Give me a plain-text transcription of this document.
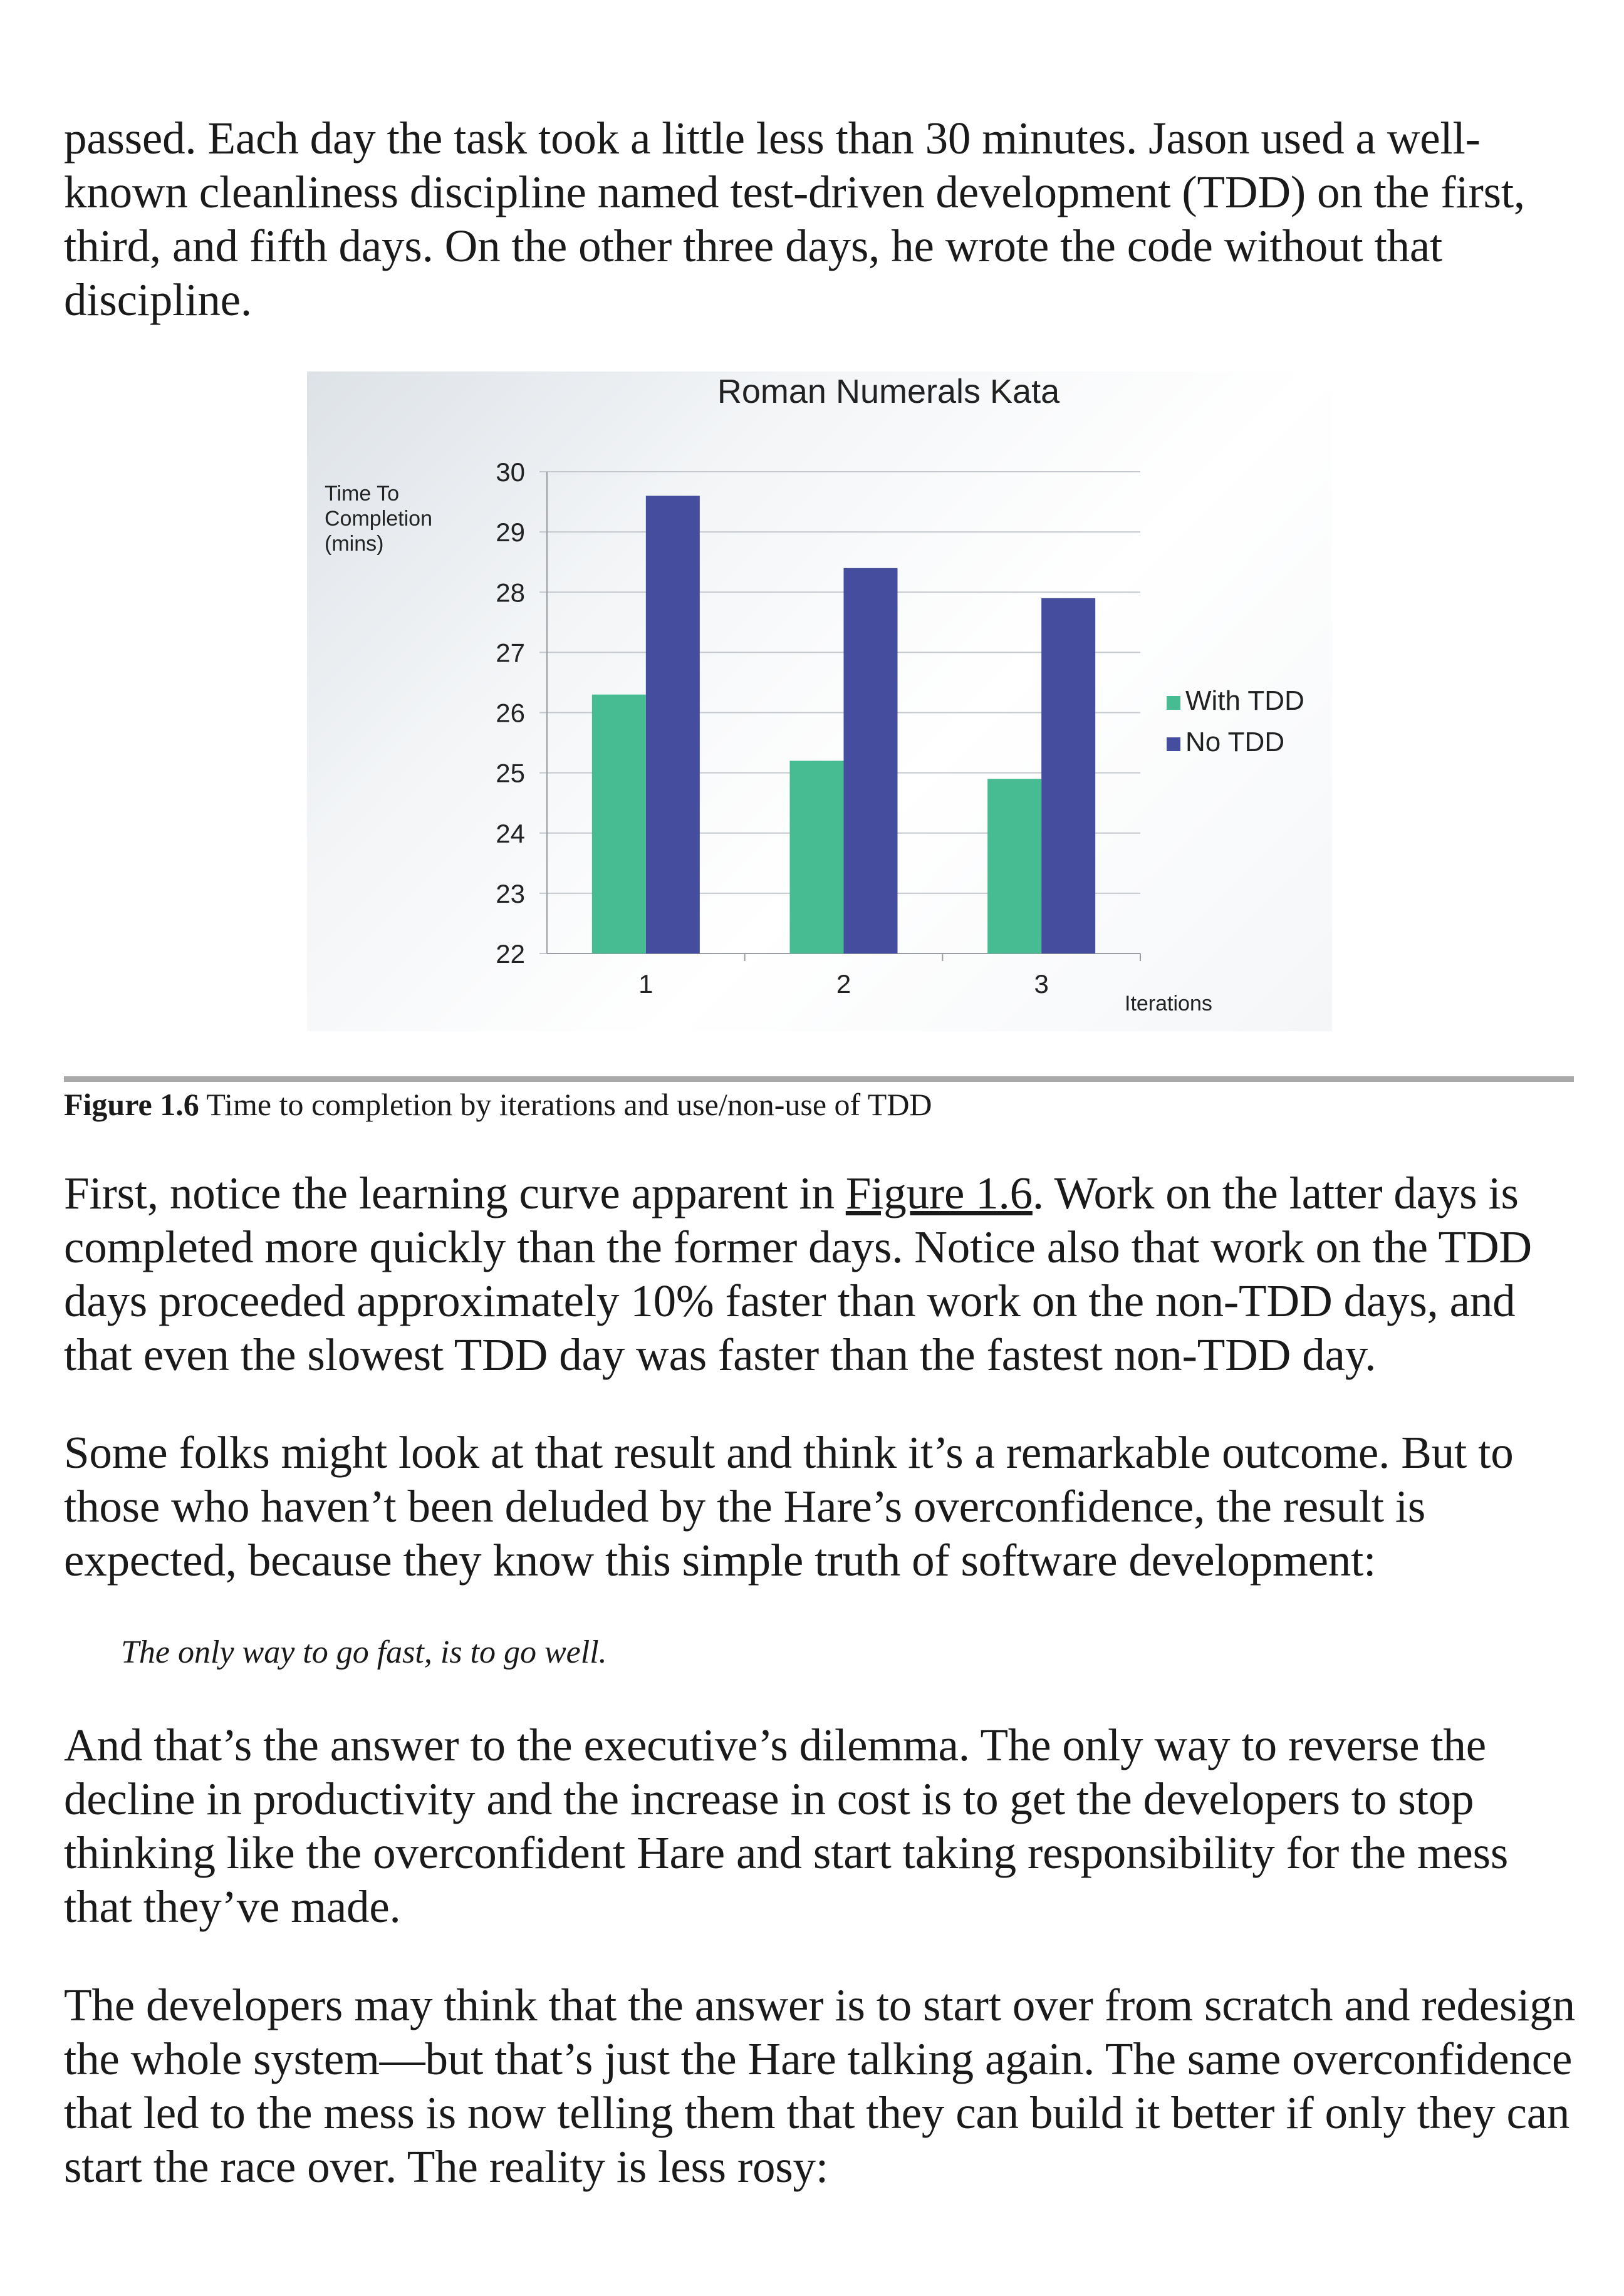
passed. Each day the task took a little less than 30 minutes. Jason used a well-known cleanliness discipline named test-driven development (TDD) on the first, third, and fifth days. On the other three days, he wrote the code without that discipline.

Roman Numerals Kata
Time To
Completion
(mins)
22
23
24
25
26
27
28
29
30
1	2	3
Iterations
With TDD
No TDD

Figure 1.6 Time to completion by iterations and use/non-use of TDD

First, notice the learning curve apparent in Figure 1.6. Work on the latter days is completed more quickly than the former days. Notice also that work on the TDD days proceeded approximately 10% faster than work on the non-TDD days, and that even the slowest TDD day was faster than the fastest non-TDD day.

Some folks might look at that result and think it’s a remarkable outcome. But to those who haven’t been deluded by the Hare’s overconfidence, the result is expected, because they know this simple truth of software development:

The only way to go fast, is to go well.

And that’s the answer to the executive’s dilemma. The only way to reverse the decline in productivity and the increase in cost is to get the developers to stop thinking like the overconfident Hare and start taking responsibility for the mess that they’ve made.

The developers may think that the answer is to start over from scratch and redesign the whole system—but that’s just the Hare talking again. The same overconfidence that led to the mess is now telling them that they can build it better if only they can start the race over. The reality is less rosy:
